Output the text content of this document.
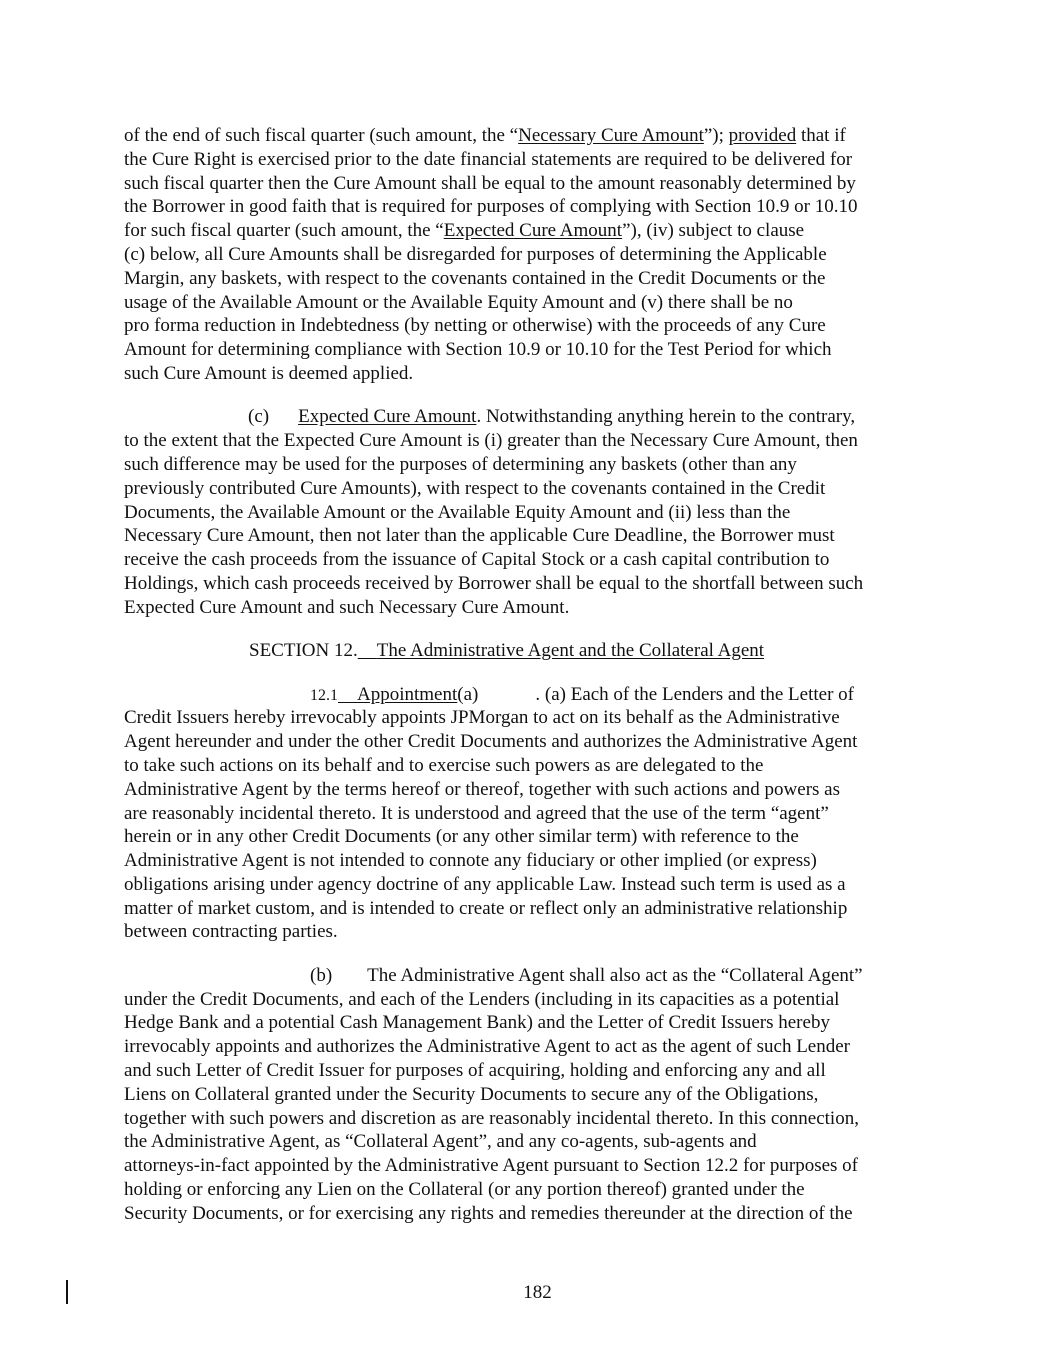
of the end of such fiscal quarter (such amount, the “Necessary Cure Amount”); provided that if
the Cure Right is exercised prior to the date financial statements are required to be delivered for
such fiscal quarter then the Cure Amount shall be equal to the amount reasonably determined by
the Borrower in good faith that is required for purposes of complying with Section 10.9 or 10.10
for such fiscal quarter (such amount, the “Expected Cure Amount”), (iv) subject to clause
(c) below, all Cure Amounts shall be disregarded for purposes of determining the Applicable
Margin, any baskets, with respect to the covenants contained in the Credit Documents or the
usage of the Available Amount or the Available Equity Amount and (v) there shall be no
pro forma reduction in Indebtedness (by netting or otherwise) with the proceeds of any Cure
Amount for determining compliance with Section 10.9 or 10.10 for the Test Period for which
such Cure Amount is deemed applied.
(c) Expected Cure Amount. Notwithstanding anything herein to the contrary,
to the extent that the Expected Cure Amount is (i) greater than the Necessary Cure Amount, then
such difference may be used for the purposes of determining any baskets (other than any
previously contributed Cure Amounts), with respect to the covenants contained in the Credit
Documents, the Available Amount or the Available Equity Amount and (ii) less than the
Necessary Cure Amount, then not later than the applicable Cure Deadline, the Borrower must
receive the cash proceeds from the issuance of Capital Stock or a cash capital contribution to
Holdings, which cash proceeds received by Borrower shall be equal to the shortfall between such
Expected Cure Amount and such Necessary Cure Amount.
SECTION 12. The Administrative Agent and the Collateral Agent
12.1 Appointment(a)	. (a) Each of the Lenders and the Letter of
Credit Issuers hereby irrevocably appoints JPMorgan to act on its behalf as the Administrative
Agent hereunder and under the other Credit Documents and authorizes the Administrative Agent
to take such actions on its behalf and to exercise such powers as are delegated to the
Administrative Agent by the terms hereof or thereof, together with such actions and powers as
are reasonably incidental thereto. It is understood and agreed that the use of the term “agent”
herein or in any other Credit Documents (or any other similar term) with reference to the
Administrative Agent is not intended to connote any fiduciary or other implied (or express)
obligations arising under agency doctrine of any applicable Law. Instead such term is used as a
matter of market custom, and is intended to create or reflect only an administrative relationship
between contracting parties.
(b) The Administrative Agent shall also act as the “Collateral Agent”
under the Credit Documents, and each of the Lenders (including in its capacities as a potential
Hedge Bank and a potential Cash Management Bank) and the Letter of Credit Issuers hereby
irrevocably appoints and authorizes the Administrative Agent to act as the agent of such Lender
and such Letter of Credit Issuer for purposes of acquiring, holding and enforcing any and all
Liens on Collateral granted under the Security Documents to secure any of the Obligations,
together with such powers and discretion as are reasonably incidental thereto. In this connection,
the Administrative Agent, as “Collateral Agent”, and any co-agents, sub-agents and
attorneys-in-fact appointed by the Administrative Agent pursuant to Section 12.2 for purposes of
holding or enforcing any Lien on the Collateral (or any portion thereof) granted under the
Security Documents, or for exercising any rights and remedies thereunder at the direction of the
182
